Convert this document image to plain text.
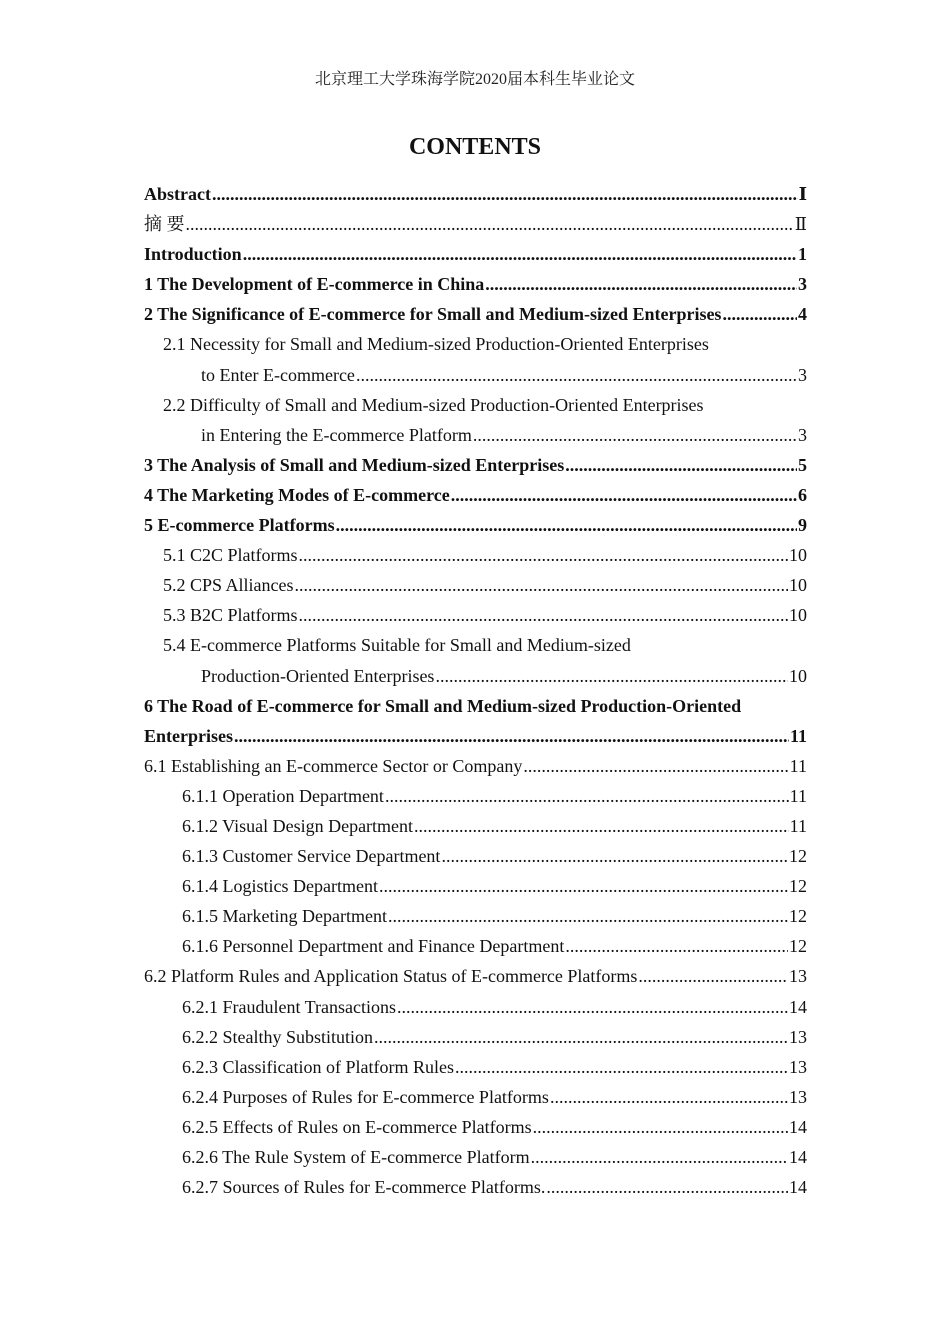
北京理工大学珠海学院2020届本科生毕业论文
CONTENTS
Abstract .....	Ⅰ
摘 要 .....	Ⅱ
Introduction .....	1
1 The Development of E-commerce in China .....	3
2 The Significance of E-commerce for Small and Medium-sized Enterprises .....	4
2.1 Necessity for Small and Medium-sized Production-Oriented Enterprises
to Enter E-commerce .....	3
2.2 Difficulty of Small and Medium-sized Production-Oriented Enterprises
in Entering the E-commerce Platform .....	3
3 The Analysis of Small and Medium-sized Enterprises .....	5
4 The Marketing Modes of E-commerce .....	6
5 E-commerce Platforms .....	9
5.1 C2C Platforms .....	10
5.2 CPS Alliances .....	10
5.3 B2C Platforms .....	10
5.4 E-commerce Platforms Suitable for Small and Medium-sized
Production-Oriented Enterprises .....	10
6 The Road of E-commerce for Small and Medium-sized Production-Oriented
Enterprises .....	11
6.1 Establishing an E-commerce Sector or Company .....	11
6.1.1 Operation Department .....	11
6.1.2 Visual Design Department .....	11
6.1.3 Customer Service Department .....	12
6.1.4 Logistics Department .....	12
6.1.5 Marketing Department .....	12
6.1.6 Personnel Department and Finance Department .....	12
6.2 Platform Rules and Application Status of E-commerce Platforms .....	13
6.2.1 Fraudulent Transactions .....	14
6.2.2 Stealthy Substitution .....	13
6.2.3 Classification of Platform Rules .....	13
6.2.4 Purposes of Rules for E-commerce Platforms .....	13
6.2.5 Effects of Rules on E-commerce Platforms .....	14
6.2.6 The Rule System of E-commerce Platform .....	14
6.2.7 Sources of Rules for E-commerce Platforms. .....	14
